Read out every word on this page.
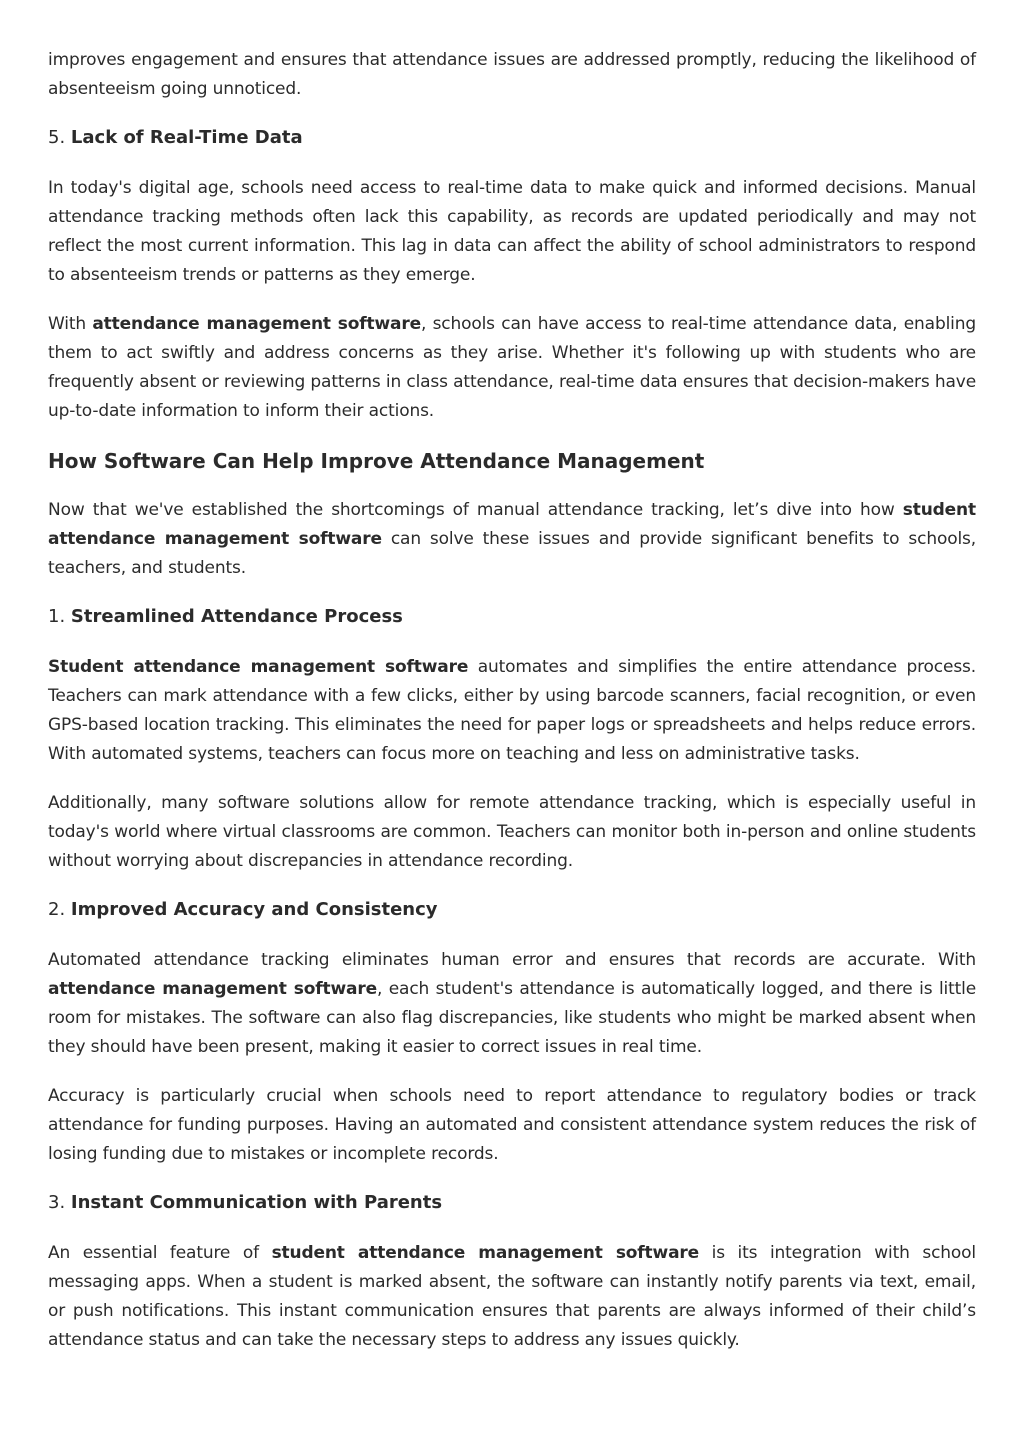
improves engagement and ensures that attendance issues are addressed promptly, reducing the likelihood of absenteeism going unnoticed.

5. Lack of Real-Time Data

In today's digital age, schools need access to real-time data to make quick and informed decisions. Manual attendance tracking methods often lack this capability, as records are updated periodically and may not reflect the most current information. This lag in data can affect the ability of school administrators to respond to absenteeism trends or patterns as they emerge.

With attendance management software, schools can have access to real-time attendance data, enabling them to act swiftly and address concerns as they arise. Whether it's following up with students who are frequently absent or reviewing patterns in class attendance, real-time data ensures that decision-makers have up-to-date information to inform their actions.

How Software Can Help Improve Attendance Management

Now that we've established the shortcomings of manual attendance tracking, let’s dive into how student attendance management software can solve these issues and provide significant benefits to schools, teachers, and students.

1. Streamlined Attendance Process

Student attendance management software automates and simplifies the entire attendance process. Teachers can mark attendance with a few clicks, either by using barcode scanners, facial recognition, or even GPS-based location tracking. This eliminates the need for paper logs or spreadsheets and helps reduce errors. With automated systems, teachers can focus more on teaching and less on administrative tasks.

Additionally, many software solutions allow for remote attendance tracking, which is especially useful in today's world where virtual classrooms are common. Teachers can monitor both in-person and online students without worrying about discrepancies in attendance recording.

2. Improved Accuracy and Consistency

Automated attendance tracking eliminates human error and ensures that records are accurate. With attendance management software, each student's attendance is automatically logged, and there is little room for mistakes. The software can also flag discrepancies, like students who might be marked absent when they should have been present, making it easier to correct issues in real time.

Accuracy is particularly crucial when schools need to report attendance to regulatory bodies or track attendance for funding purposes. Having an automated and consistent attendance system reduces the risk of losing funding due to mistakes or incomplete records.

3. Instant Communication with Parents

An essential feature of student attendance management software is its integration with school messaging apps. When a student is marked absent, the software can instantly notify parents via text, email, or push notifications. This instant communication ensures that parents are always informed of their child’s attendance status and can take the necessary steps to address any issues quickly.
